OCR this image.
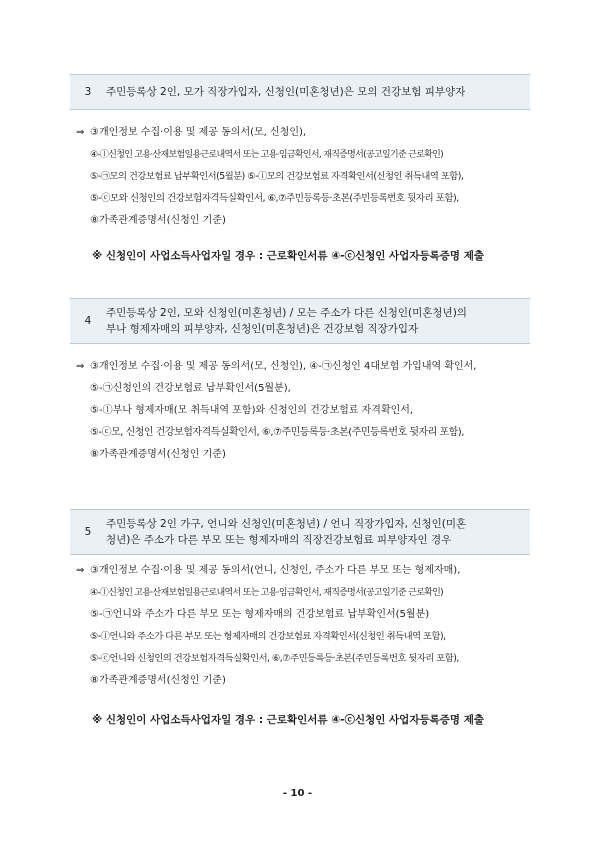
3	주민등록상 2인, 모가 직장가입자, 신청인(미혼청년)은 모의 건강보험 피부양자
⇒ ③개인정보 수집·이용 및 제공 동의서(모, 신청인),
④-ⓛ신청인 고용·산재보험일용근로내역서 또는 고용·임금확인서, 재직증명서(공고일기준 근로확인)
⑤-㉠모의 건강보험료 납부확인서(5월분) ⑤-ⓛ모의 건강보험료 자격확인서(신청인 취득내역 포함),
⑤-ⓒ모와 신청인의 건강보험자격득실확인서, ⑥,⑦주민등록등·초본(주민등록번호 뒷자리 포함),
⑧가족관계증명서(신청인 기준)
※ 신청인이 사업소득사업자일 경우 : 근로확인서류 ④-ⓒ신청인 사업자등록증명 제출
4
주민등록상 2인, 모와 신청인(미혼청년) / 모는 주소가 다른 신청인(미혼청년)의
부나 형제자매의 피부양자, 신청인(미혼청년)은 건강보험 직장가입자
⇒ ③개인정보 수집·이용 및 제공 동의서(모, 신청인), ④-㉠신청인 4대보험 가입내역 확인서,
⑤-㉠신청인의 건강보험료 납부확인서(5월분),
⑤-ⓛ부나 형제자매(모 취득내역 포함)와 신청인의 건강보험료 자격확인서,
⑤-ⓒ모, 신청인 건강보험자격득실확인서, ⑥,⑦주민등록등·초본(주민등록번호 뒷자리 포함),
⑧가족관계증명서(신청인 기준)
5
주민등록상 2인 가구, 언니와 신청인(미혼청년) / 언니 직장가입자, 신청인(미혼
청년)은 주소가 다른 부모 또는 형제자매의 직장건강보험료 피부양자인 경우
⇒ ③개인정보 수집·이용 및 제공 동의서(언니, 신청인, 주소가 다른 부모 또는 형제자매),
④-ⓛ신청인 고용·산재보험일용근로내역서 또는 고용·임금확인서, 재직증명서(공고일기준 근로확인)
⑤-㉠언니와 주소가 다른 부모 또는 형제자매의 건강보험료 납부확인서(5월분)
⑤-ⓛ언니와 주소가 다른 부모 또는 형제자매의 건강보험료 자격확인서(신청인 취득내역 포함),
⑤-ⓒ언니와 신청인의 건강보험자격득실확인서, ⑥,⑦주민등록등·초본(주민등록번호 뒷자리 포함),
⑧가족관계증명서(신청인 기준)
※ 신청인이 사업소득사업자일 경우 : 근로확인서류 ④-ⓒ신청인 사업자등록증명 제출
- 10 -
